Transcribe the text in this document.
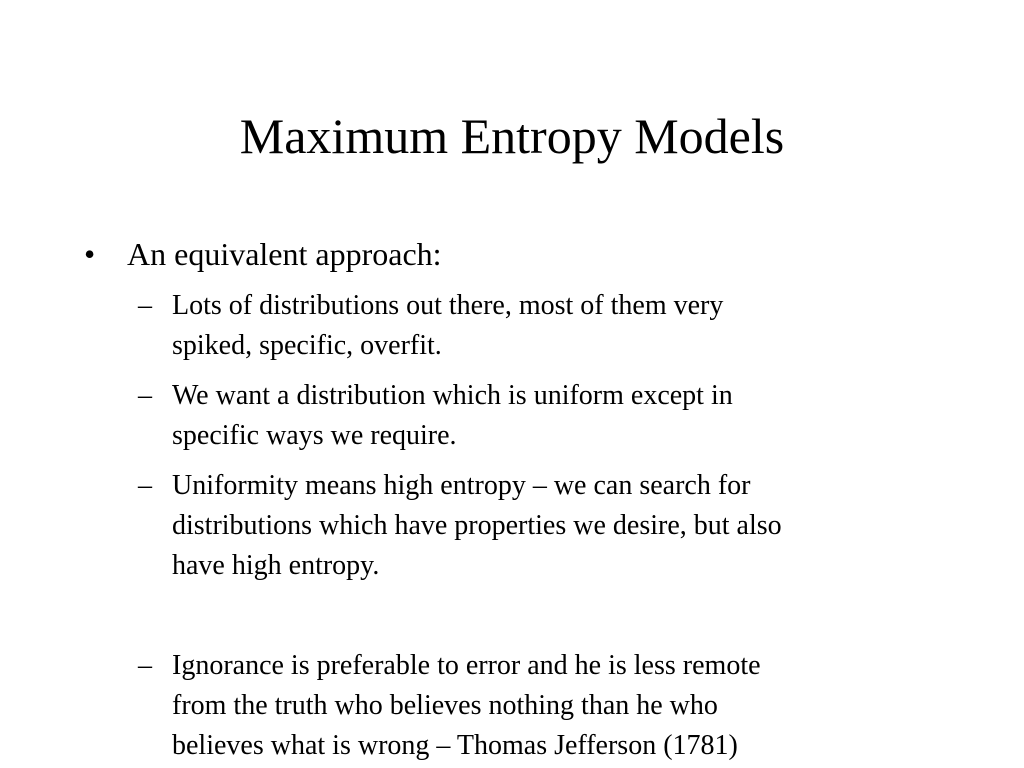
Maximum Entropy Models
• An equivalent approach:
– Lots of distributions out there, most of them very
spiked, specific, overfit.
– We want a distribution which is uniform except in
specific ways we require.
– Uniformity means high entropy – we can search for
distributions which have properties we desire, but also
have high entropy.
– Ignorance is preferable to error and he is less remote
from the truth who believes nothing than he who
believes what is wrong – Thomas Jefferson (1781)
